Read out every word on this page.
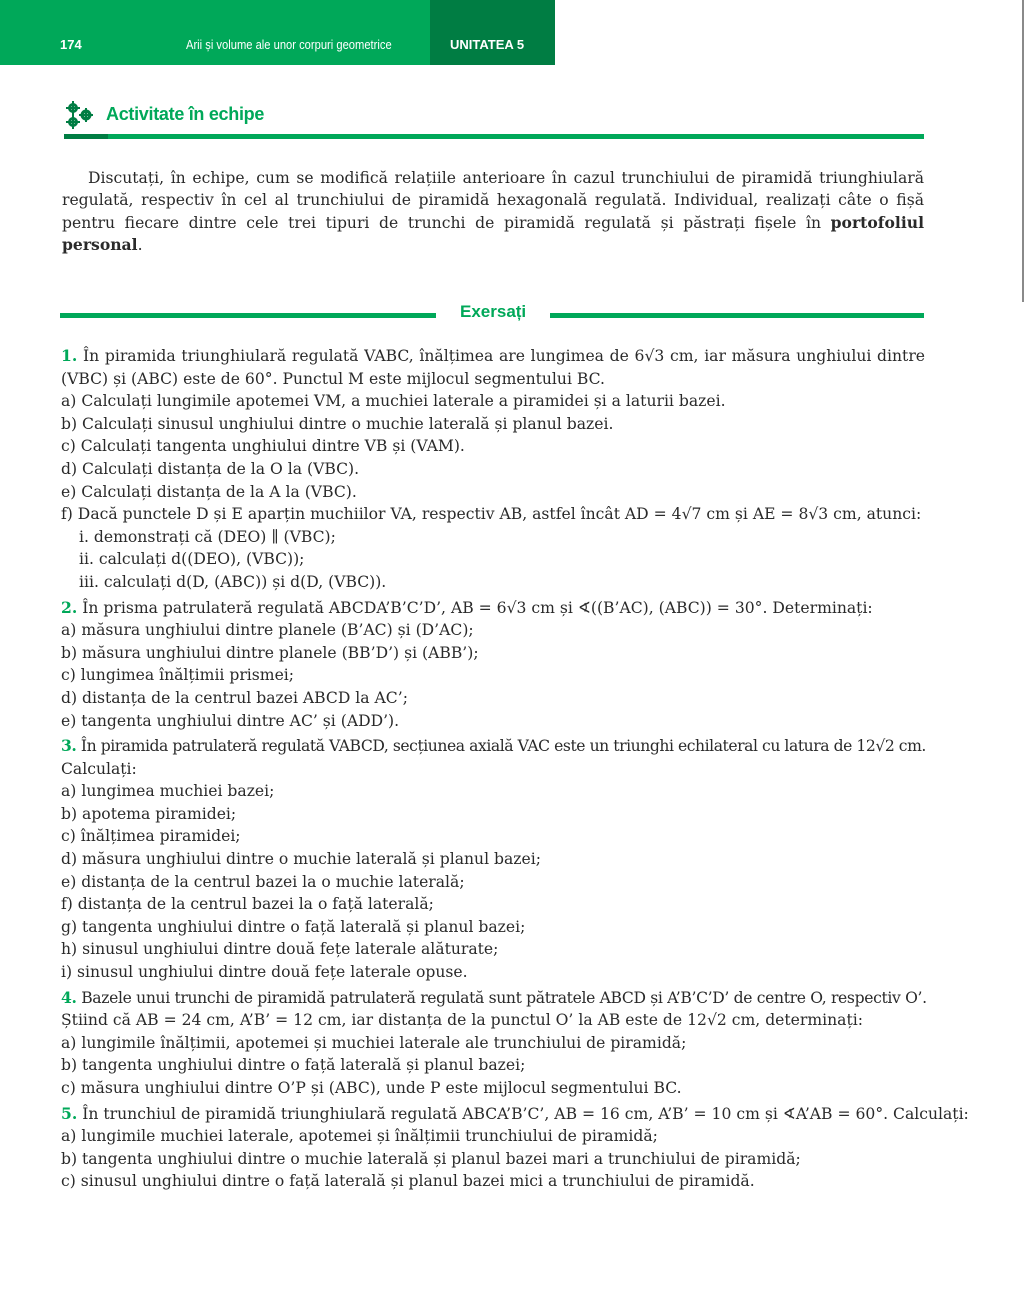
174	Arii și volume ale unor corpuri geometrice	UNITATEA 5
Activitate în echipe

Discutați, în echipe, cum se modifică relațiile anterioare în cazul trunchiului de piramidă triunghiulară regulată, respectiv în cel al trunchiului de piramidă hexagonală regulată. Individual, realizați câte o fișă pentru fiecare dintre cele trei tipuri de trunchi de piramidă regulată și păstrați fișele în portofoliul personal.

Exersați
1. În piramida triunghiulară regulată VABC, înălțimea are lungimea de 6√3 cm, iar măsura unghiului dintre
(VBC) și (ABC) este de 60°. Punctul M este mijlocul segmentului BC.
a) Calculați lungimile apotemei VM, a muchiei laterale a piramidei și a laturii bazei.
b) Calculați sinusul unghiului dintre o muchie laterală și planul bazei.
c) Calculați tangenta unghiului dintre VB și (VAM).
d) Calculați distanța de la O la (VBC).
e) Calculați distanța de la A la (VBC).
f) Dacă punctele D și E aparțin muchiilor VA, respectiv AB, astfel încât AD = 4√7 cm și AE = 8√3 cm, atunci:
i. demonstrați că (DEO) ∥ (VBC);
ii. calculați d((DEO), (VBC));
iii. calculați d(D, (ABC)) și d(D, (VBC)).
2. În prisma patrulateră regulată ABCDA’B’C’D’, AB = 6√3 cm și ∢((B’AC), (ABC)) = 30°. Determinați:
a) măsura unghiului dintre planele (B’AC) și (D’AC);
b) măsura unghiului dintre planele (BB’D’) și (ABB’);
c) lungimea înălțimii prismei;
d) distanța de la centrul bazei ABCD la AC’;
e) tangenta unghiului dintre AC’ și (ADD’).
3. În piramida patrulateră regulată VABCD, secțiunea axială VAC este un triunghi echilateral cu latura de 12√2 cm.
Calculați:
a) lungimea muchiei bazei;
b) apotema piramidei;
c) înălțimea piramidei;
d) măsura unghiului dintre o muchie laterală și planul bazei;
e) distanța de la centrul bazei la o muchie laterală;
f) distanța de la centrul bazei la o față laterală;
g) tangenta unghiului dintre o față laterală și planul bazei;
h) sinusul unghiului dintre două fețe laterale alăturate;
i) sinusul unghiului dintre două fețe laterale opuse.
4. Bazele unui trunchi de piramidă patrulateră regulată sunt pătratele ABCD și A’B’C’D’ de centre O, respectiv O’.
Știind că AB = 24 cm, A’B’ = 12 cm, iar distanța de la punctul O’ la AB este de 12√2 cm, determinați:
a) lungimile înălțimii, apotemei și muchiei laterale ale trunchiului de piramidă;
b) tangenta unghiului dintre o față laterală și planul bazei;
c) măsura unghiului dintre O’P și (ABC), unde P este mijlocul segmentului BC.
5. În trunchiul de piramidă triunghiulară regulată ABCA’B’C’, AB = 16 cm, A’B’ = 10 cm și ∢A’AB = 60°. Calculați:
a) lungimile muchiei laterale, apotemei și înălțimii trunchiului de piramidă;
b) tangenta unghiului dintre o muchie laterală și planul bazei mari a trunchiului de piramidă;
c) sinusul unghiului dintre o față laterală și planul bazei mici a trunchiului de piramidă.
